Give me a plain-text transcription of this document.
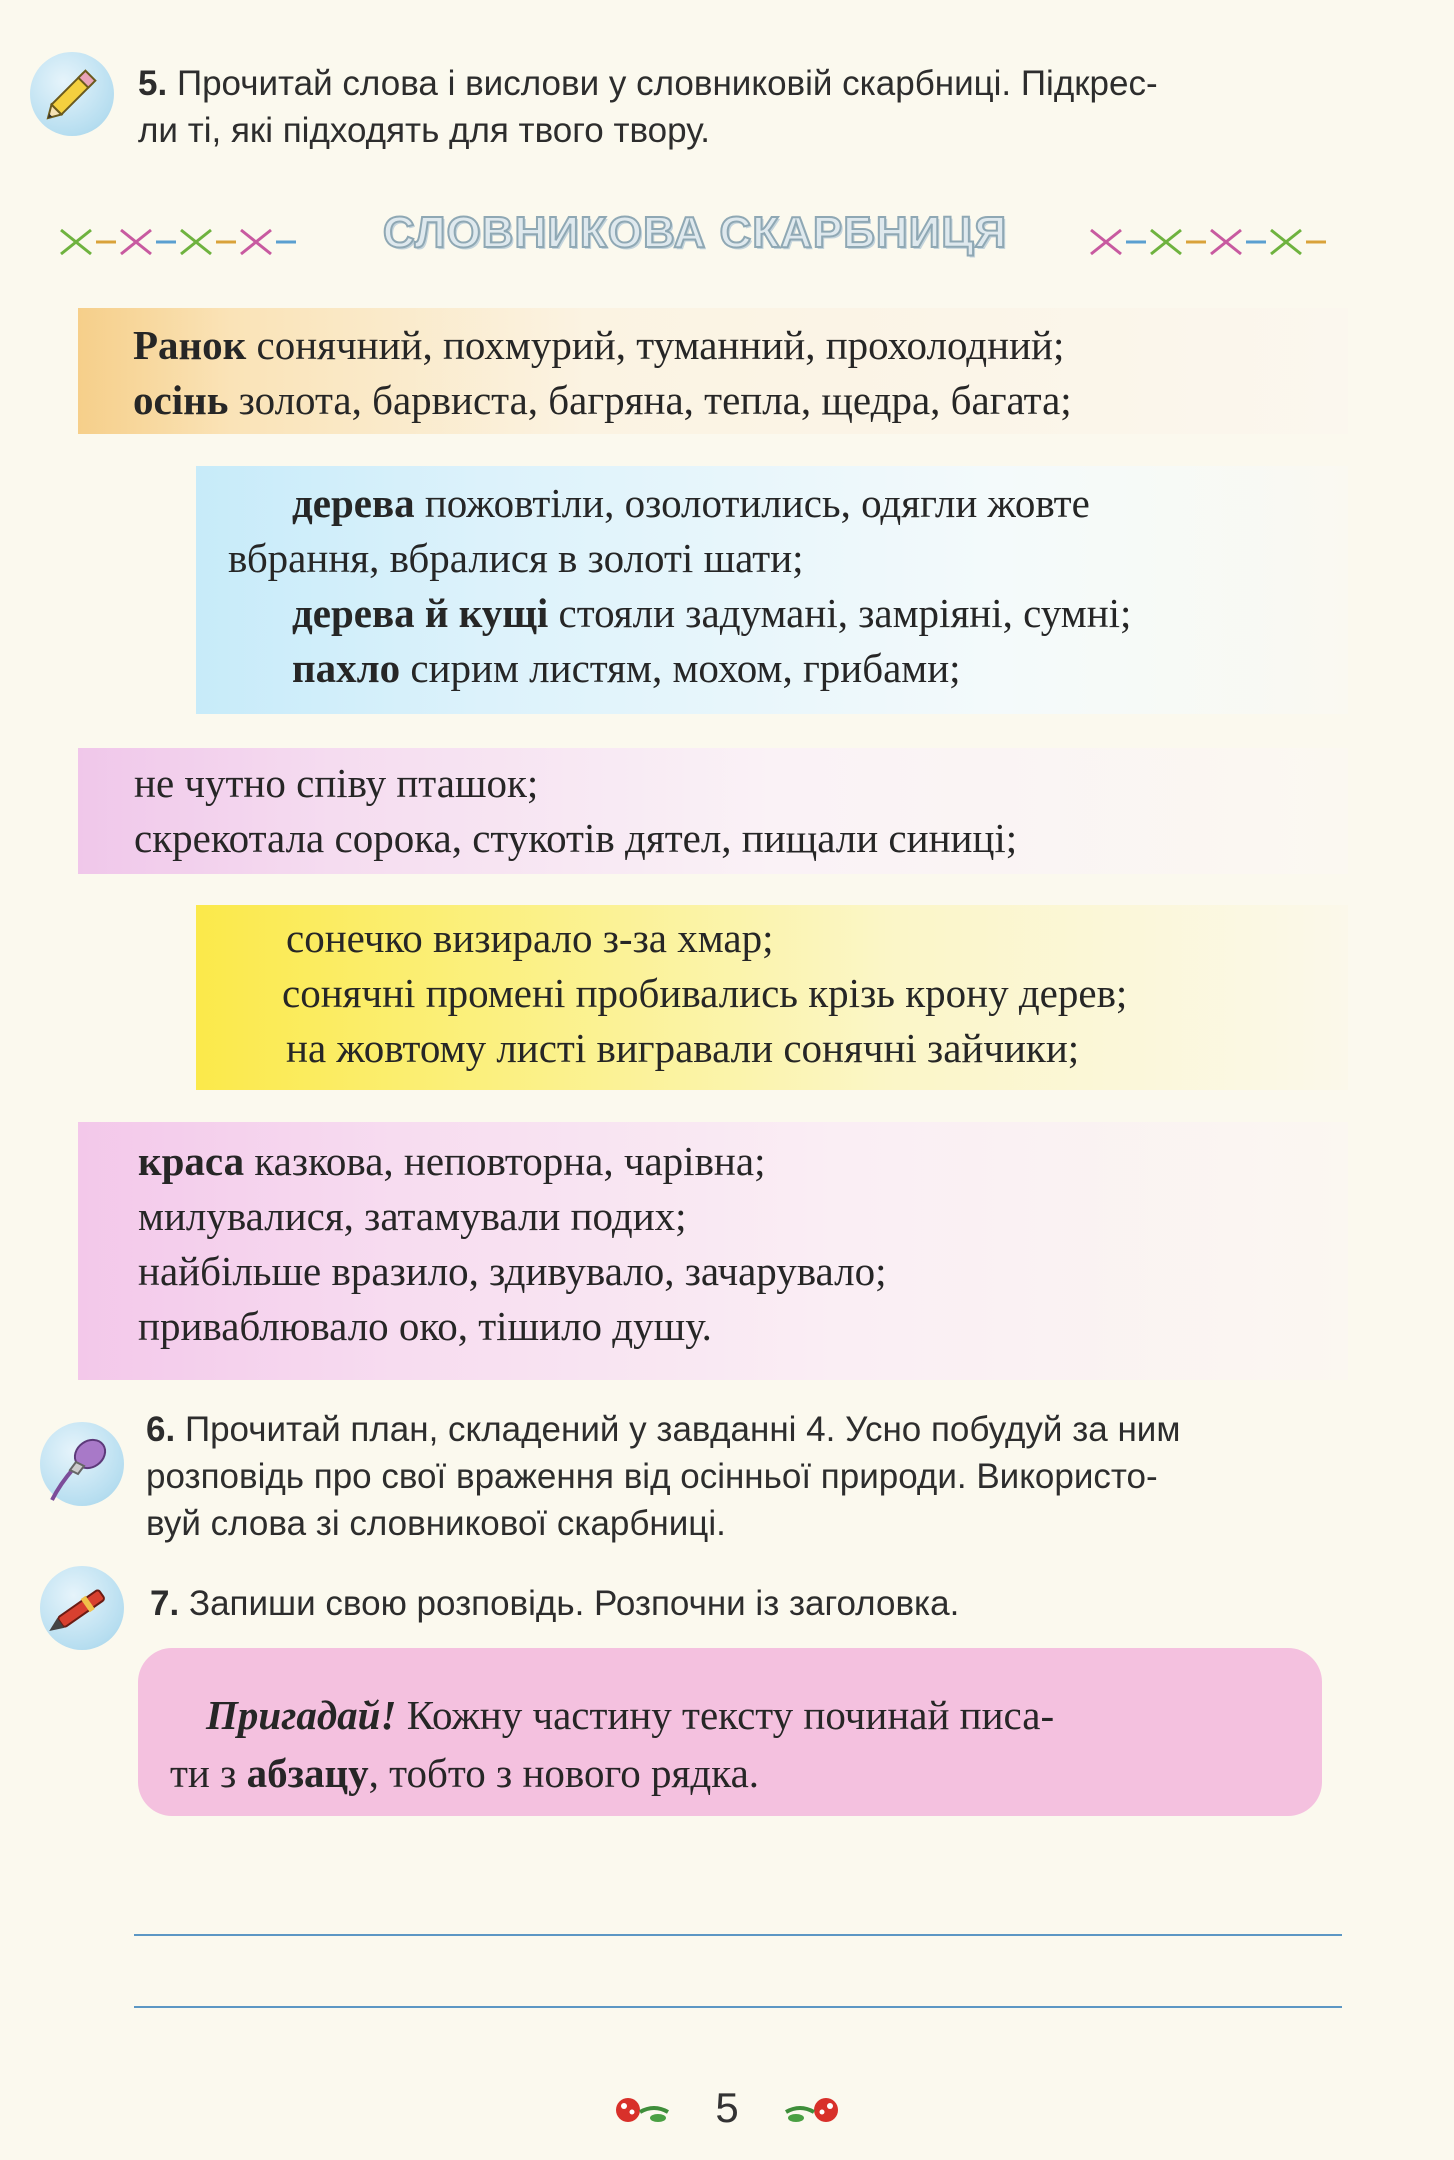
5. Прочитай слова і вислови у словниковій скарбниці. Підкрес-
ли ті, які підходять для твого твору.
СЛОВНИКОВА СКАРБНИЦЯ

Ранок сонячний, похмурий, туманний, прохолодний;

осінь золота, барвиста, багряна, тепла, щедра, багата;

дерева пожовтіли, озолотились, одягли жовте

вбрання, вбралися в золоті шати;

дерева й кущі стояли задумані, замріяні, сумні;

пахло сирим листям, мохом, грибами;

не чутно співу пташок;

скрекотала сорока, стукотів дятел, пищали синиці;

сонечко визирало з-за хмар;

сонячні промені пробивались крізь крону дерев;

на жовтому листі вигравали сонячні зайчики;

краса казкова, неповторна, чарівна;

милувалися, затамували подих;

найбільше вразило, здивувало, зачарувало;

приваблювало око, тішило душу.

6. Прочитай план, складений у завданні 4. Усно побудуй за ним
розповідь про свої враження від осінньої природи. Використо-
вуй слова зі словникової скарбниці.
7. Запиши свою розповідь. Розпочни із заголовка.

Пригадай! Кожну частину тексту починай писа-
ти з абзацу, тобто з нового рядка.

5
